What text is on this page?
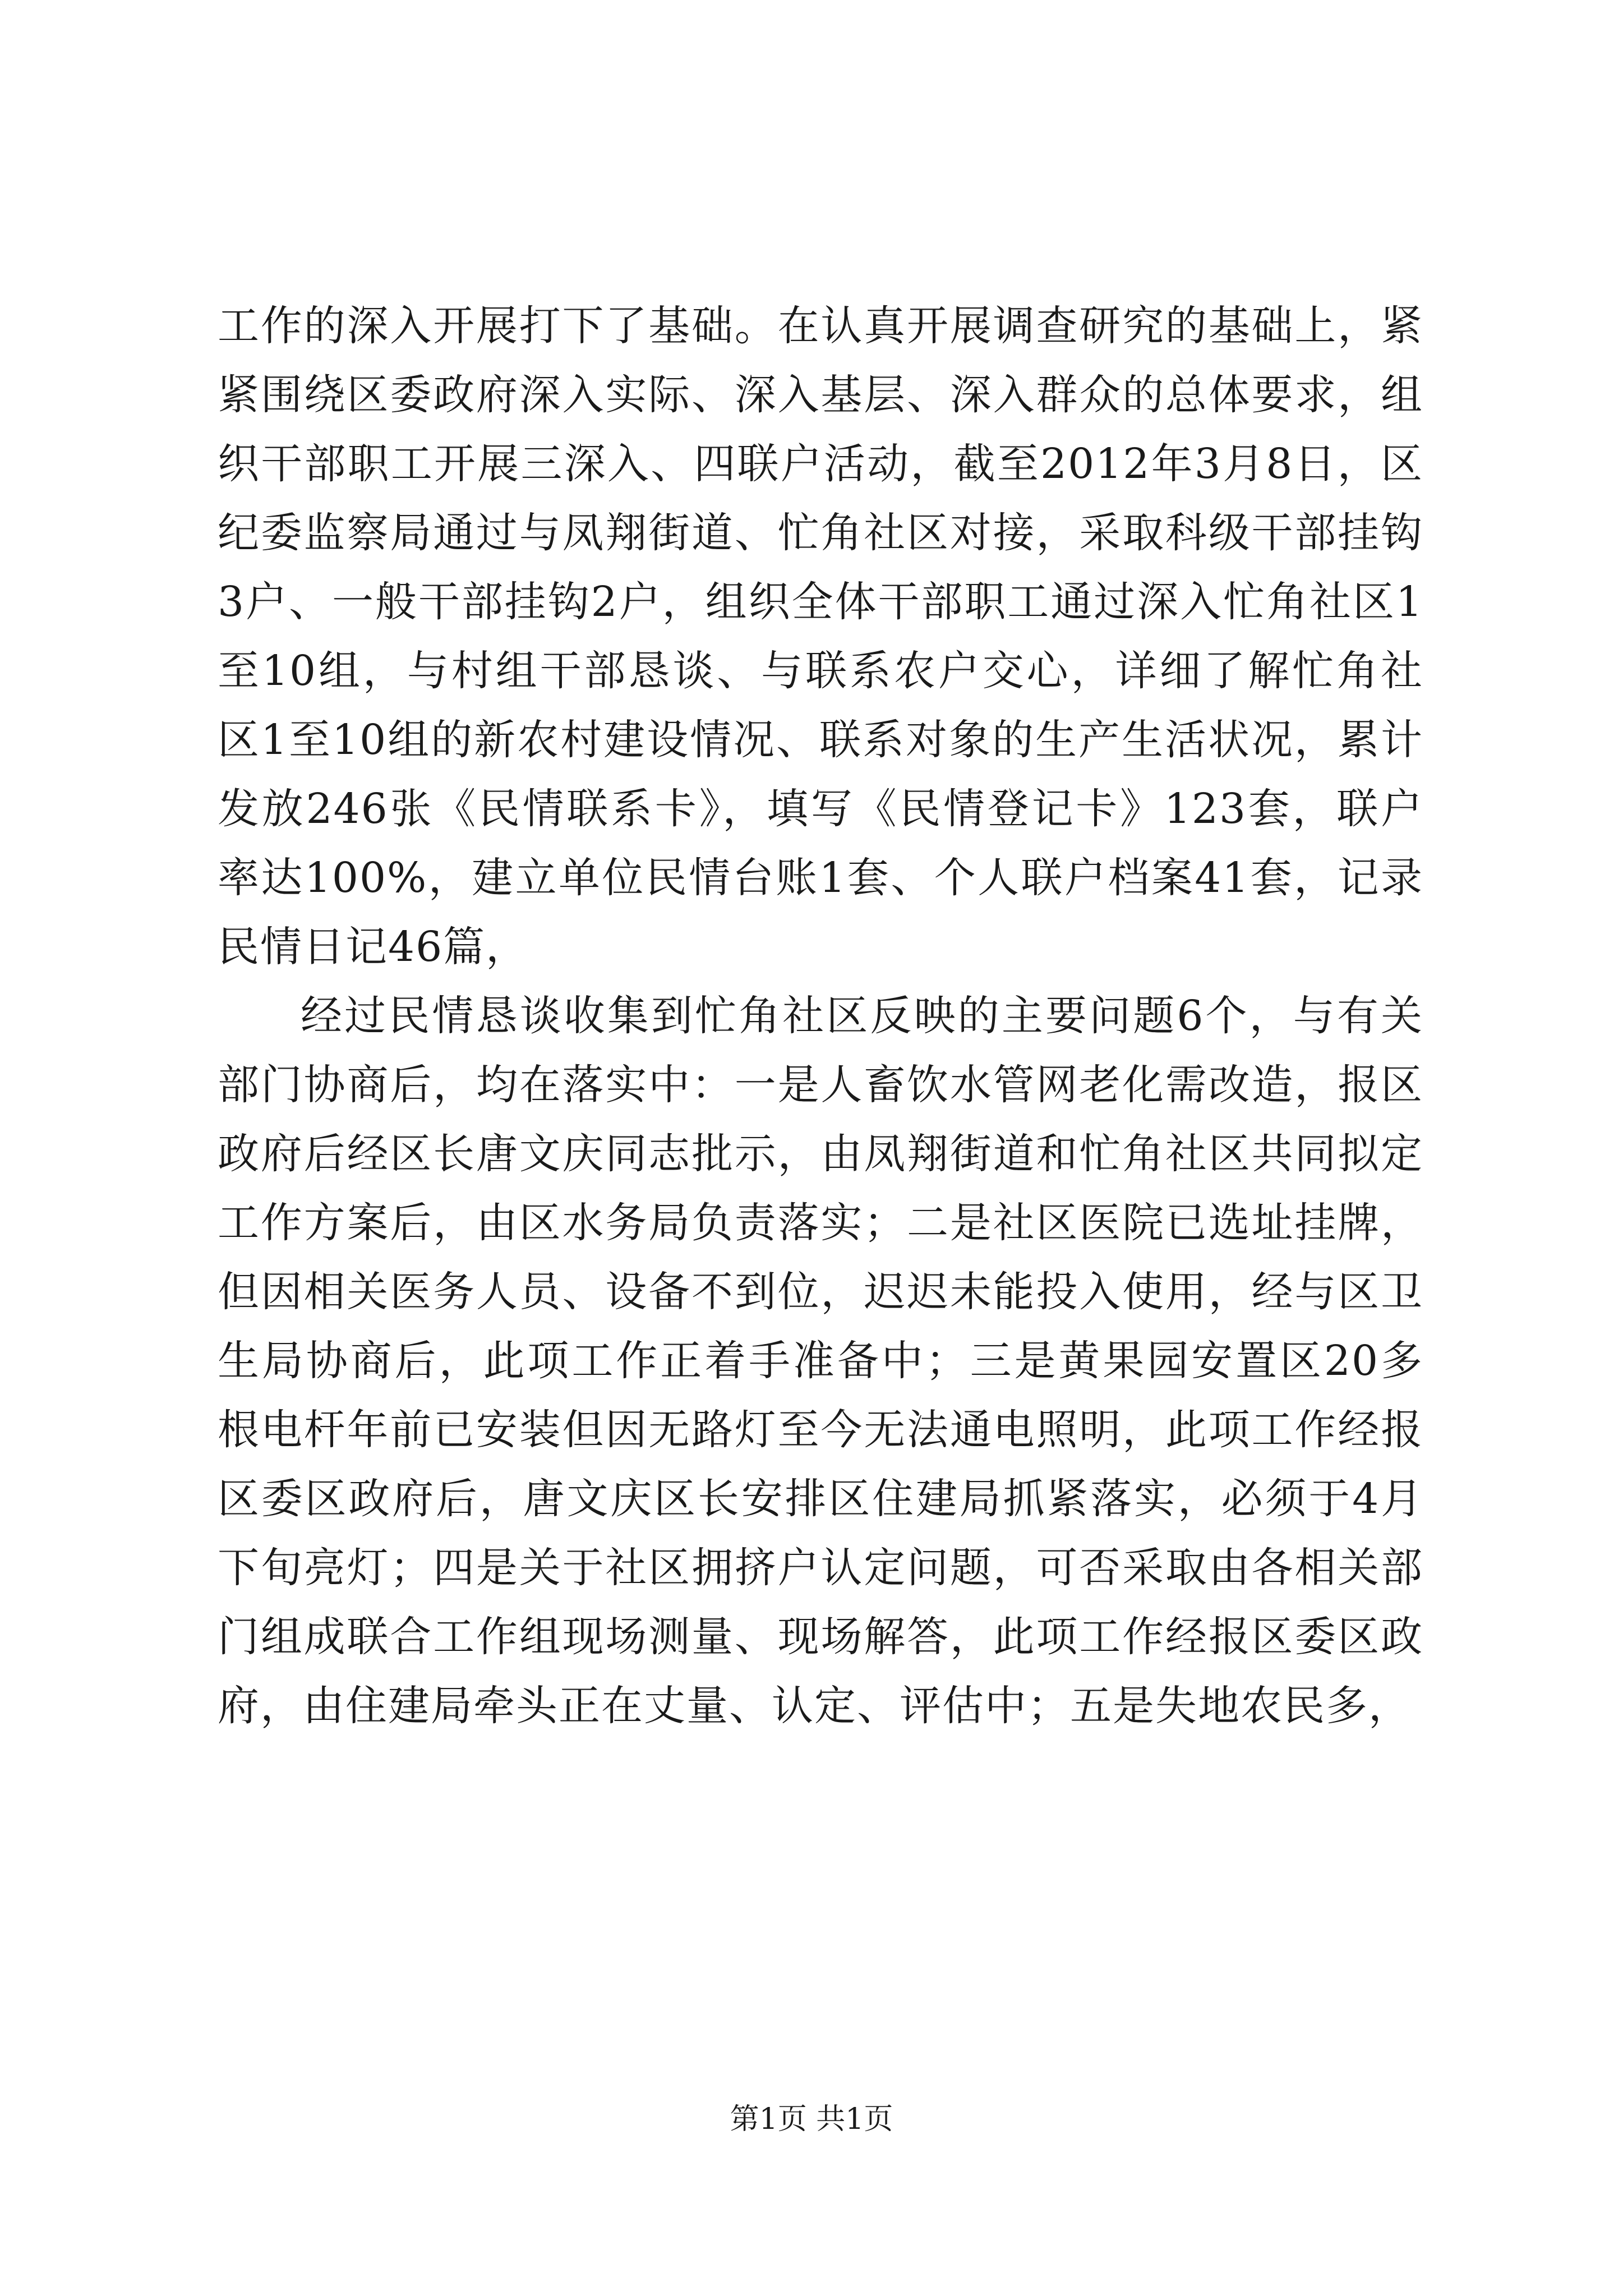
工作的深入开展打下了基础。在认真开展调查研究的基础上，紧紧围绕区委政府深入实际、深入基层、深入群众的总体要求，组织干部职工开展三深入、四联户活动，截至2012年3月8日，区纪委监察局通过与凤翔街道、忙角社区对接，采取科级干部挂钩3户、一般干部挂钩2户，组织全体干部职工通过深入忙角社区1至10组，与村组干部恳谈、与联系农户交心，详细了解忙角社区1至10组的新农村建设情况、联系对象的生产生活状况，累计发放246张《民情联系卡》，填写《民情登记卡》123套，联户率达100%，建立单位民情台账1套、个人联户档案41套，记录民情日记46篇，

经过民情恳谈收集到忙角社区反映的主要问题6个，与有关部门协商后，均在落实中：一是人畜饮水管网老化需改造，报区政府后经区长唐文庆同志批示，由凤翔街道和忙角社区共同拟定工作方案后，由区水务局负责落实；二是社区医院已选址挂牌，但因相关医务人员、设备不到位，迟迟未能投入使用，经与区卫生局协商后，此项工作正着手准备中；三是黄果园安置区20多根电杆年前已安装但因无路灯至今无法通电照明，此项工作经报区委区政府后，唐文庆区长安排区住建局抓紧落实，必须于4月下旬亮灯；四是关于社区拥挤户认定问题，可否采取由各相关部门组成联合工作组现场测量、现场解答，此项工作经报区委区政府，由住建局牵头正在丈量、认定、评估中；五是失地农民多，

第1页 共1页
